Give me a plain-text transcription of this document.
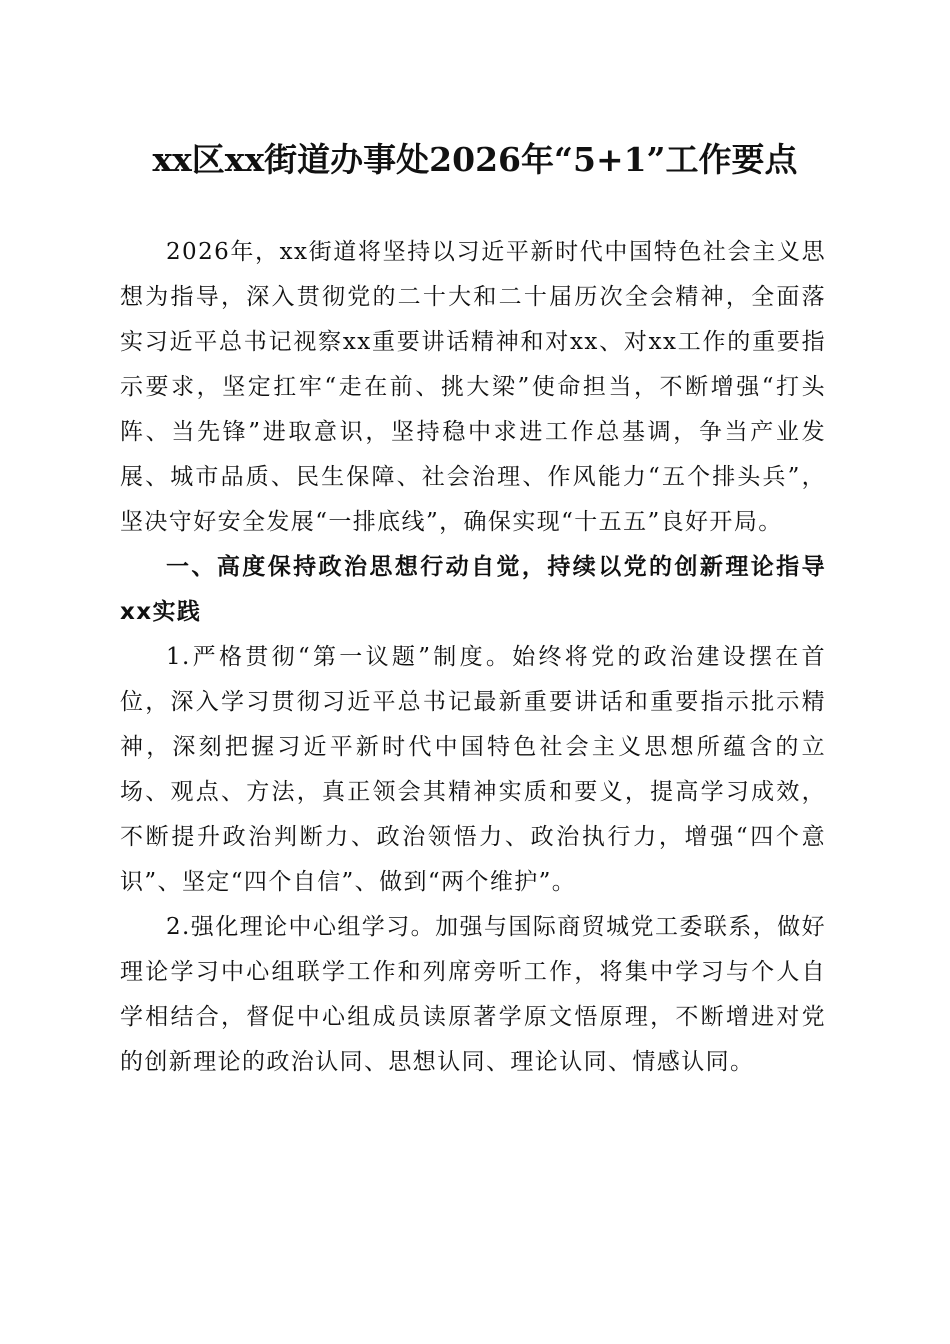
xx区xx街道办事处2026年“5+1”工作要点

2026年，xx街道将坚持以习近平新时代中国特色社会主义思想为指导，深入贯彻党的二十大和二十届历次全会精神，全面落实习近平总书记视察xx重要讲话精神和对xx、对xx工作的重要指示要求，坚定扛牢“走在前、挑大梁”使命担当，不断增强“打头阵、当先锋”进取意识，坚持稳中求进工作总基调，争当产业发展、城市品质、民生保障、社会治理、作风能力“五个排头兵”，坚决守好安全发展“一排底线”，确保实现“十五五”良好开局。

一、高度保持政治思想行动自觉，持续以党的创新理论指导xx实践

1.严格贯彻“第一议题”制度。始终将党的政治建设摆在首位，深入学习贯彻习近平总书记最新重要讲话和重要指示批示精神，深刻把握习近平新时代中国特色社会主义思想所蕴含的立场、观点、方法，真正领会其精神实质和要义，提高学习成效，不断提升政治判断力、政治领悟力、政治执行力，增强“四个意识”、坚定“四个自信”、做到“两个维护”。

2.强化理论中心组学习。加强与国际商贸城党工委联系，做好理论学习中心组联学工作和列席旁听工作，将集中学习与个人自学相结合，督促中心组成员读原著学原文悟原理，不断增进对党的创新理论的政治认同、思想认同、理论认同、情感认同。
